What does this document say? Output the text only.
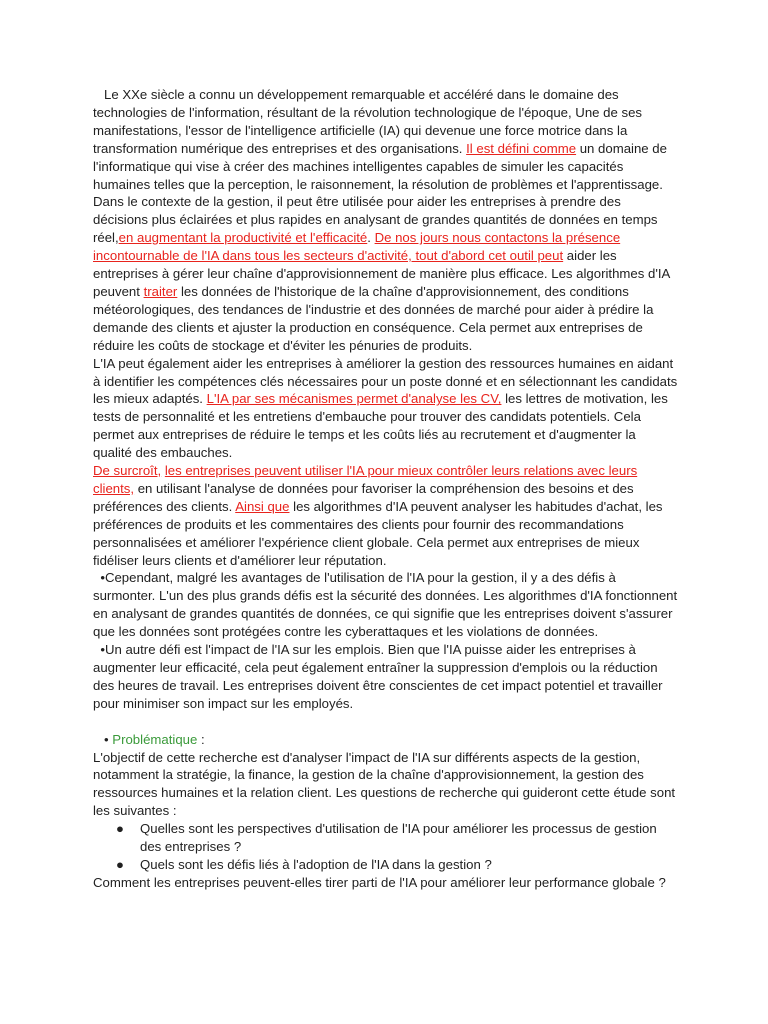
Le XXe siècle a connu un développement remarquable et accéléré dans le domaine des technologies de l'information, résultant de la révolution technologique de l'époque, Une de ses manifestations, l'essor de l'intelligence artificielle (IA) qui devenue une force motrice dans la transformation numérique des entreprises et des organisations. Il est défini comme un domaine de l'informatique qui vise à créer des machines intelligentes capables de simuler les capacités humaines telles que la perception, le raisonnement, la résolution de problèmes et l'apprentissage. Dans le contexte de la gestion, il peut être utilisée pour aider les entreprises à prendre des décisions plus éclairées et plus rapides en analysant de grandes quantités de données en temps réel,en augmentant la productivité et l'efficacité. De nos jours nous contactons la présence incontournable de l'IA dans tous les secteurs d'activité, tout d'abord cet outil peut aider les entreprises à gérer leur chaîne d'approvisionnement de manière plus efficace. Les algorithmes d'IA peuvent traiter les données de l'historique de la chaîne d'approvisionnement, des conditions météorologiques, des tendances de l'industrie et des données de marché pour aider à prédire la demande des clients et ajuster la production en conséquence. Cela permet aux entreprises de réduire les coûts de stockage et d'éviter les pénuries de produits.

L'IA peut également aider les entreprises à améliorer la gestion des ressources humaines en aidant à identifier les compétences clés nécessaires pour un poste donné et en sélectionnant les candidats les mieux adaptés. L'IA par ses mécanismes permet d'analyse les CV, les lettres de motivation, les tests de personnalité et les entretiens d'embauche pour trouver des candidats potentiels. Cela permet aux entreprises de réduire le temps et les coûts liés au recrutement et d'augmenter la qualité des embauches.

De surcroît, les entreprises peuvent utiliser l'IA pour mieux contrôler leurs relations avec leurs clients, en utilisant l'analyse de données pour favoriser la compréhension des besoins et des préférences des clients. Ainsi que les algorithmes d'IA peuvent analyser les habitudes d'achat, les préférences de produits et les commentaires des clients pour fournir des recommandations personnalisées et améliorer l'expérience client globale. Cela permet aux entreprises de mieux fidéliser leurs clients et d'améliorer leur réputation.

•Cependant, malgré les avantages de l'utilisation de l'IA pour la gestion, il y a des défis à surmonter. L'un des plus grands défis est la sécurité des données. Les algorithmes d'IA fonctionnent en analysant de grandes quantités de données, ce qui signifie que les entreprises doivent s'assurer que les données sont protégées contre les cyberattaques et les violations de données.

•Un autre défi est l'impact de l'IA sur les emplois. Bien que l'IA puisse aider les entreprises à augmenter leur efficacité, cela peut également entraîner la suppression d'emplois ou la réduction des heures de travail. Les entreprises doivent être conscientes de cet impact potentiel et travailler pour minimiser son impact sur les employés.

• Problématique :

L'objectif de cette recherche est d'analyser l'impact de l'IA sur différents aspects de la gestion, notamment la stratégie, la finance, la gestion de la chaîne d'approvisionnement, la gestion des ressources humaines et la relation client. Les questions de recherche qui guideront cette étude sont les suivantes :

● Quelles sont les perspectives d'utilisation de l'IA pour améliorer les processus de gestion des entreprises ?
● Quels sont les défis liés à l'adoption de l'IA dans la gestion ?

Comment les entreprises peuvent-elles tirer parti de l'IA pour améliorer leur performance globale ?
